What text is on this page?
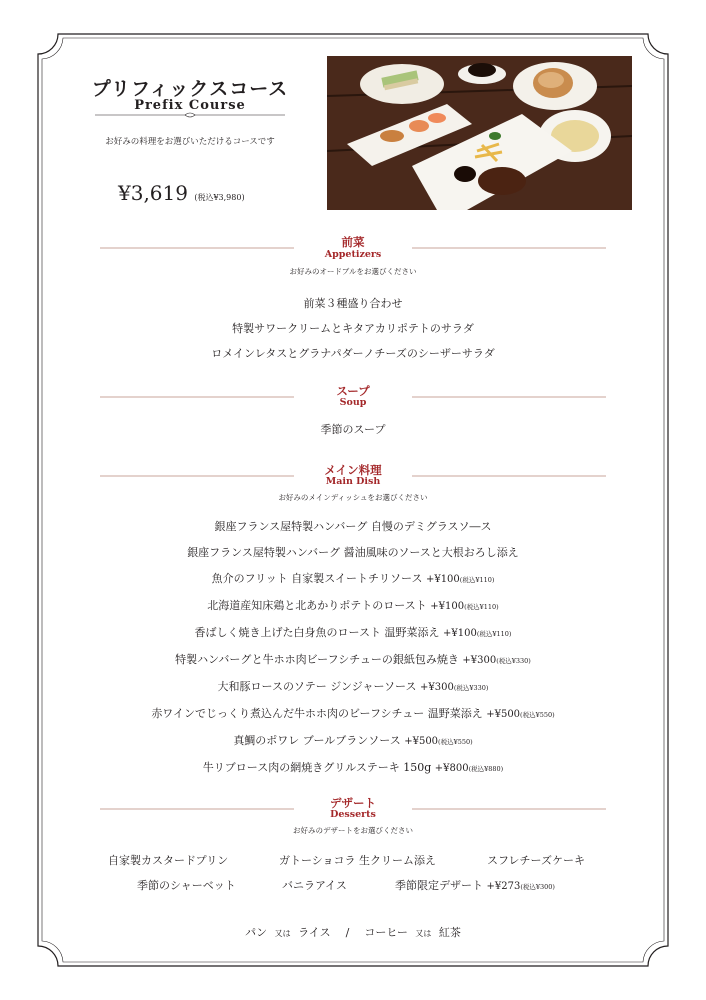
プリフィックスコース
Prefix Course
お好みの料理をお選びいただけるコースです
¥3,619 (税込¥3,980)
前菜
Appetizers
お好みのオードブルをお選びください
前菜３種盛り合わせ
特製サワークリームとキタアカリポテトのサラダ
ロメインレタスとグラナパダーノチーズのシーザーサラダ
スープ
Soup
季節のスープ
メイン料理
Main Dish
お好みのメインディッシュをお選びください
銀座フランス屋特製ハンバーグ 自慢のデミグラスソ―ス
銀座フランス屋特製ハンバーグ 醤油風味のソースと大根おろし添え
魚介のフリット 自家製スイートチリソース +¥100(税込¥110)
北海道産知床鶏と北あかりポテトのロースト +¥100(税込¥110)
香ばしく焼き上げた白身魚のロースト 温野菜添え +¥100(税込¥110)
特製ハンバーグと牛ホホ肉ビーフシチューの銀紙包み焼き +¥300(税込¥330)
大和豚ロースのソテー ジンジャーソース +¥300(税込¥330)
赤ワインでじっくり煮込んだ牛ホホ肉のビーフシチュー 温野菜添え +¥500(税込¥550)
真鯛のポワレ ブールブランソース +¥500(税込¥550)
牛リブロース肉の網焼きグリルステーキ 150g +¥800(税込¥880)
デザート
Desserts
お好みのデザートをお選びください
自家製カスタードプリン	ガトーショコラ 生クリーム添え	スフレチーズケーキ
季節のシャーベット	バニラアイス	季節限定デザート +¥273(税込¥300)
パン 又は ライス / コーヒー 又は 紅茶
